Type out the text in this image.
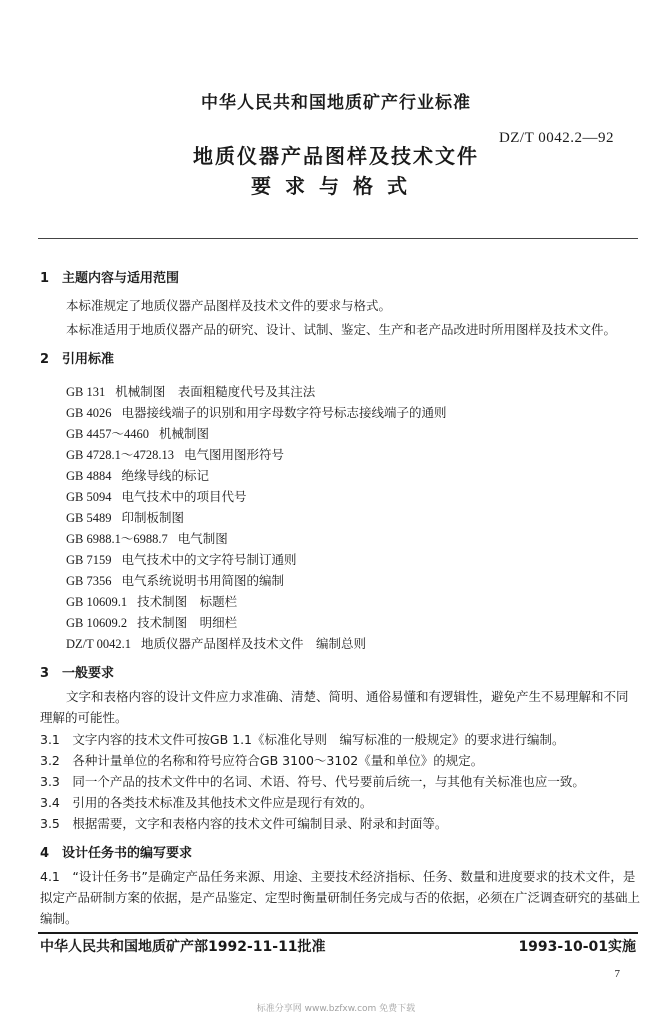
中华人民共和国地质矿产行业标准
DZ/T 0042.2—92
地质仪器产品图样及技术文件
要求与格式
1　主题内容与适用范围
本标准规定了地质仪器产品图样及技术文件的要求与格式。
本标准适用于地质仪器产品的研究、设计、试制、鉴定、生产和老产品改进时所用图样及技术文件。
2　引用标准
GB 131 机械制图　表面粗糙度代号及其注法
GB 4026 电器接线端子的识别和用字母数字符号标志接线端子的通则
GB 4457～4460 机械制图
GB 4728.1～4728.13 电气图用图形符号
GB 4884 绝缘导线的标记
GB 5094 电气技术中的项目代号
GB 5489 印制板制图
GB 6988.1～6988.7 电气制图
GB 7159 电气技术中的文字符号制订通则
GB 7356 电气系统说明书用简图的编制
GB 10609.1 技术制图　标题栏
GB 10609.2 技术制图　明细栏
DZ/T 0042.1 地质仪器产品图样及技术文件　编制总则
3　一般要求
文字和表格内容的设计文件应力求准确、清楚、简明、通俗易懂和有逻辑性，避免产生不易理解和不同理解的可能性。
3.1　文字内容的技术文件可按GB 1.1《标准化导则　编写标准的一般规定》的要求进行编制。
3.2　各种计量单位的名称和符号应符合GB 3100～3102《量和单位》的规定。
3.3　同一个产品的技术文件中的名词、术语、符号、代号要前后统一，与其他有关标准也应一致。
3.4　引用的各类技术标准及其他技术文件应是现行有效的。
3.5　根据需要，文字和表格内容的技术文件可编制目录、附录和封面等。
4　设计任务书的编写要求
4.1　“设计任务书”是确定产品任务来源、用途、主要技术经济指标、任务、数量和进度要求的技术文件，是拟定产品研制方案的依据，是产品鉴定、定型时衡量研制任务完成与否的依据，必须在广泛调查研究的基础上编制。
中华人民共和国地质矿产部1992-11-11批准	1993-10-01实施
7
标准分享网 www.bzfxw.com 免费下载
